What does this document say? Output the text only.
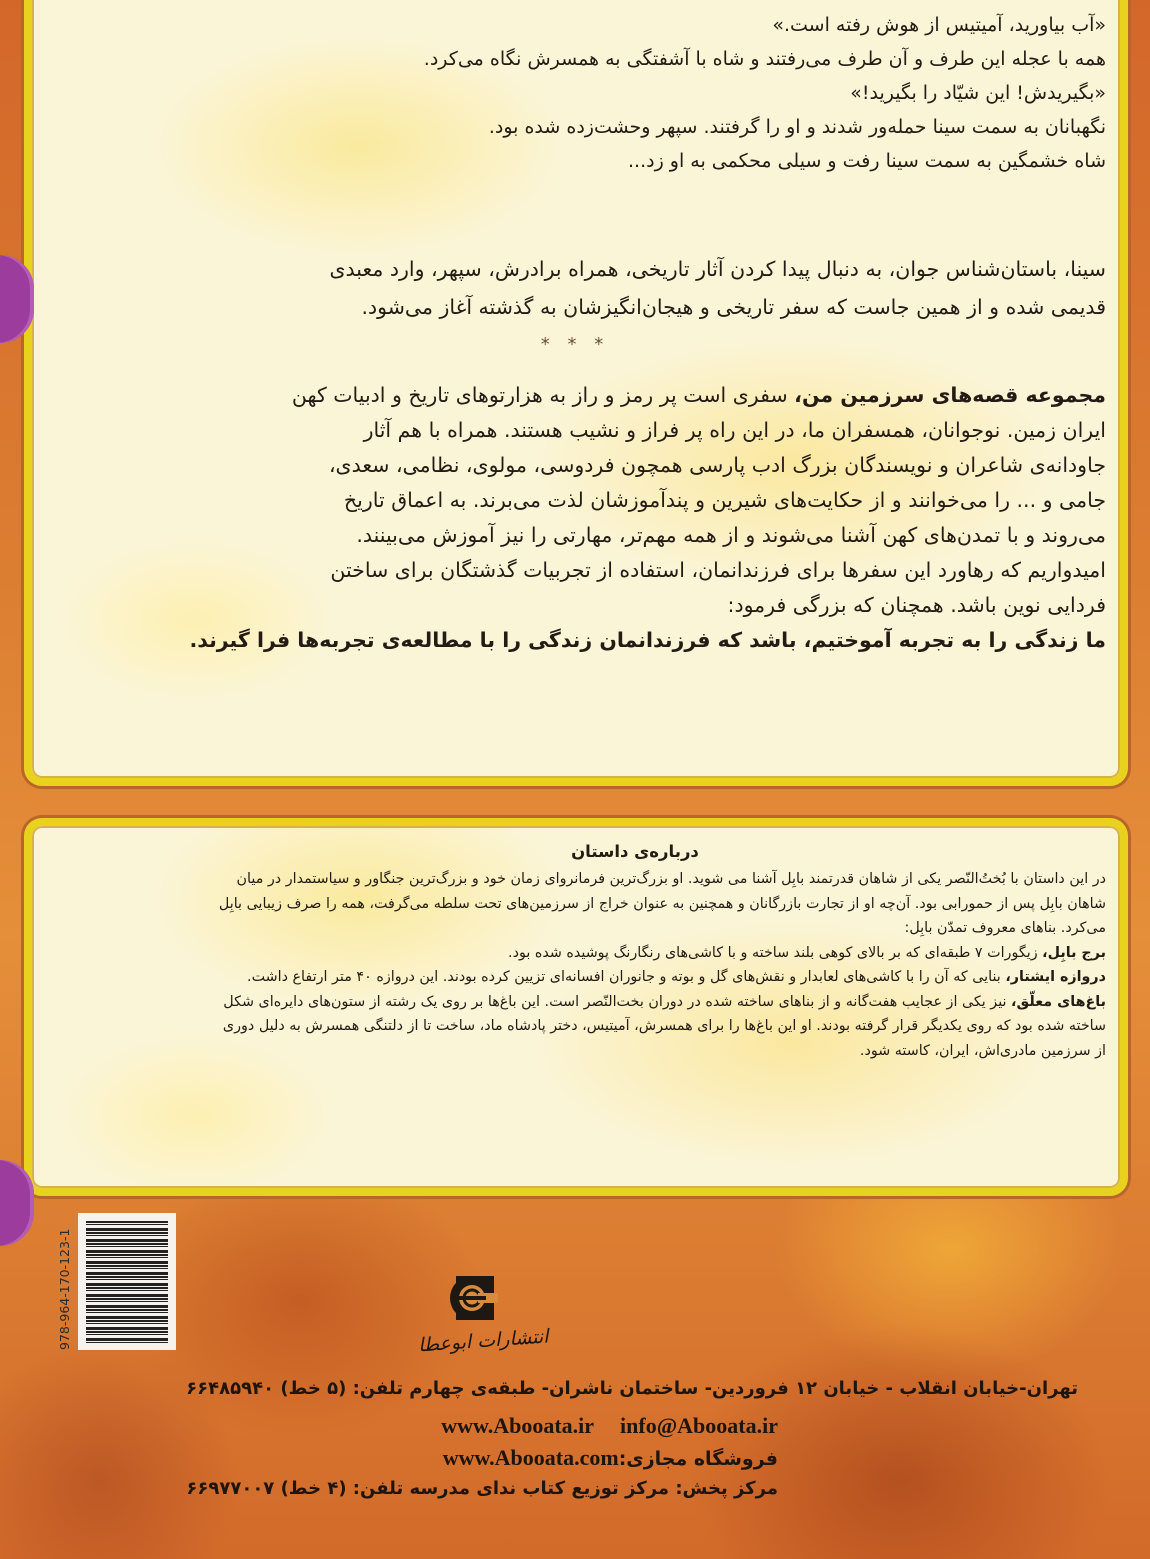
«آب بیاورید، آمیتیس از هوش رفته است.»
همه با عجله این طرف و آن طرف می‌رفتند و شاه با آشفتگی به همسرش نگاه می‌کرد.
«بگیریدش! این شیّاد را بگیرید!»
نگهبانان به سمت سینا حمله‌ور شدند و او را گرفتند. سپهر وحشت‌زده شده بود.
شاه خشمگین به سمت سینا رفت و سیلی محکمی به او زد...
سینا، باستان‌شناس جوان، به دنبال پیدا کردن آثار تاریخی، همراه برادرش، سپهر، وارد معبدی
قدیمی شده و از همین جاست که سفر تاریخی و هیجان‌انگیزشان به گذشته آغاز می‌شود.
* * *
مجموعه قصه‌های سرزمین من، سفری است پر رمز و راز به هزارتوهای تاریخ و ادبیات کهن
ایران زمین. نوجوانان، همسفران ما، در این راه پر فراز و نشیب هستند. همراه با هم آثار
جاودانه‌ی شاعران و نویسندگان بزرگ ادب پارسی همچون فردوسی، مولوی، نظامی، سعدی،
جامی و ... را می‌خوانند و از حکایت‌های شیرین و پندآموزشان لذت می‌برند. به اعماق تاریخ
می‌روند و با تمدن‌های کهن آشنا می‌شوند و از همه مهم‌تر، مهارتی را نیز آموزش می‌بینند.
امیدواریم که رهاورد این سفرها برای فرزندانمان، استفاده از تجربیات گذشتگان برای ساختن
فردایی نوین باشد. همچنان که بزرگی فرمود:
ما زندگی را به تجربه آموختیم، باشد که فرزندانمان زندگی را با مطالعه‌ی تجربه‌ها فرا گیرند.
درباره‌ی داستان
در این داستان با بُختُ‌النّصر یکی از شاهان قدرتمند بابِل آشنا می شوید. او بزرگ‌ترین فرمانروای زمان خود و بزرگ‌ترین جنگاور و سیاستمدار در میان
شاهان بابِل پس از حمورابی بود. آن‌چه او از تجارت بازرگانان و همچنین به عنوان خراج از سرزمین‌های تحت سلطه می‌گرفت، همه را صرف زیبایی بابِل
می‌کرد. بناهای معروف تمدّن بابِل:
برج بابِل، زیگورات ۷ طبقه‌ای که بر بالای کوهی بلند ساخته و با کاشی‌های رنگارنگ پوشیده شده بود.
دروازه ایشتار، بنایی که آن را با کاشی‌های لعابدار و نقش‌های گل و بوته و جانوران افسانه‌ای تزیین کرده بودند. این دروازه ۴۰ متر ارتفاع داشت.
باغ‌های معلّق، نیز یکی از عجایب هفت‌گانه و از بناهای ساخته شده در دوران بخت‌النّصر است. این باغ‌ها بر روی یک رشته از ستون‌های دایره‌ای شکل
ساخته شده بود که روی یکدیگر قرار گرفته بودند. او این باغ‌ها را برای همسرش، آمیتیس، دختر پادشاه ماد، ساخت تا از دلتنگی همسرش به دلیل دوری
از سرزمین مادری‌اش، ایران، کاسته شود.
978-964-170-123-1	انتشارات ابوعطا
تهران-خیابان انقلاب - خیابان ۱۲ فروردین- ساختمان ناشران- طبقه‌ی چهارم تلفن: (۵ خط) ۶۶۴۸۵۹۴۰
www.Abooata.ir info@Abooata.ir
فروشگاه مجازی:www.Abooata.com
مرکز پخش: مرکز توزیع کتاب ندای مدرسه تلفن: (۴ خط) ۶۶۹۷۷۰۰۷
